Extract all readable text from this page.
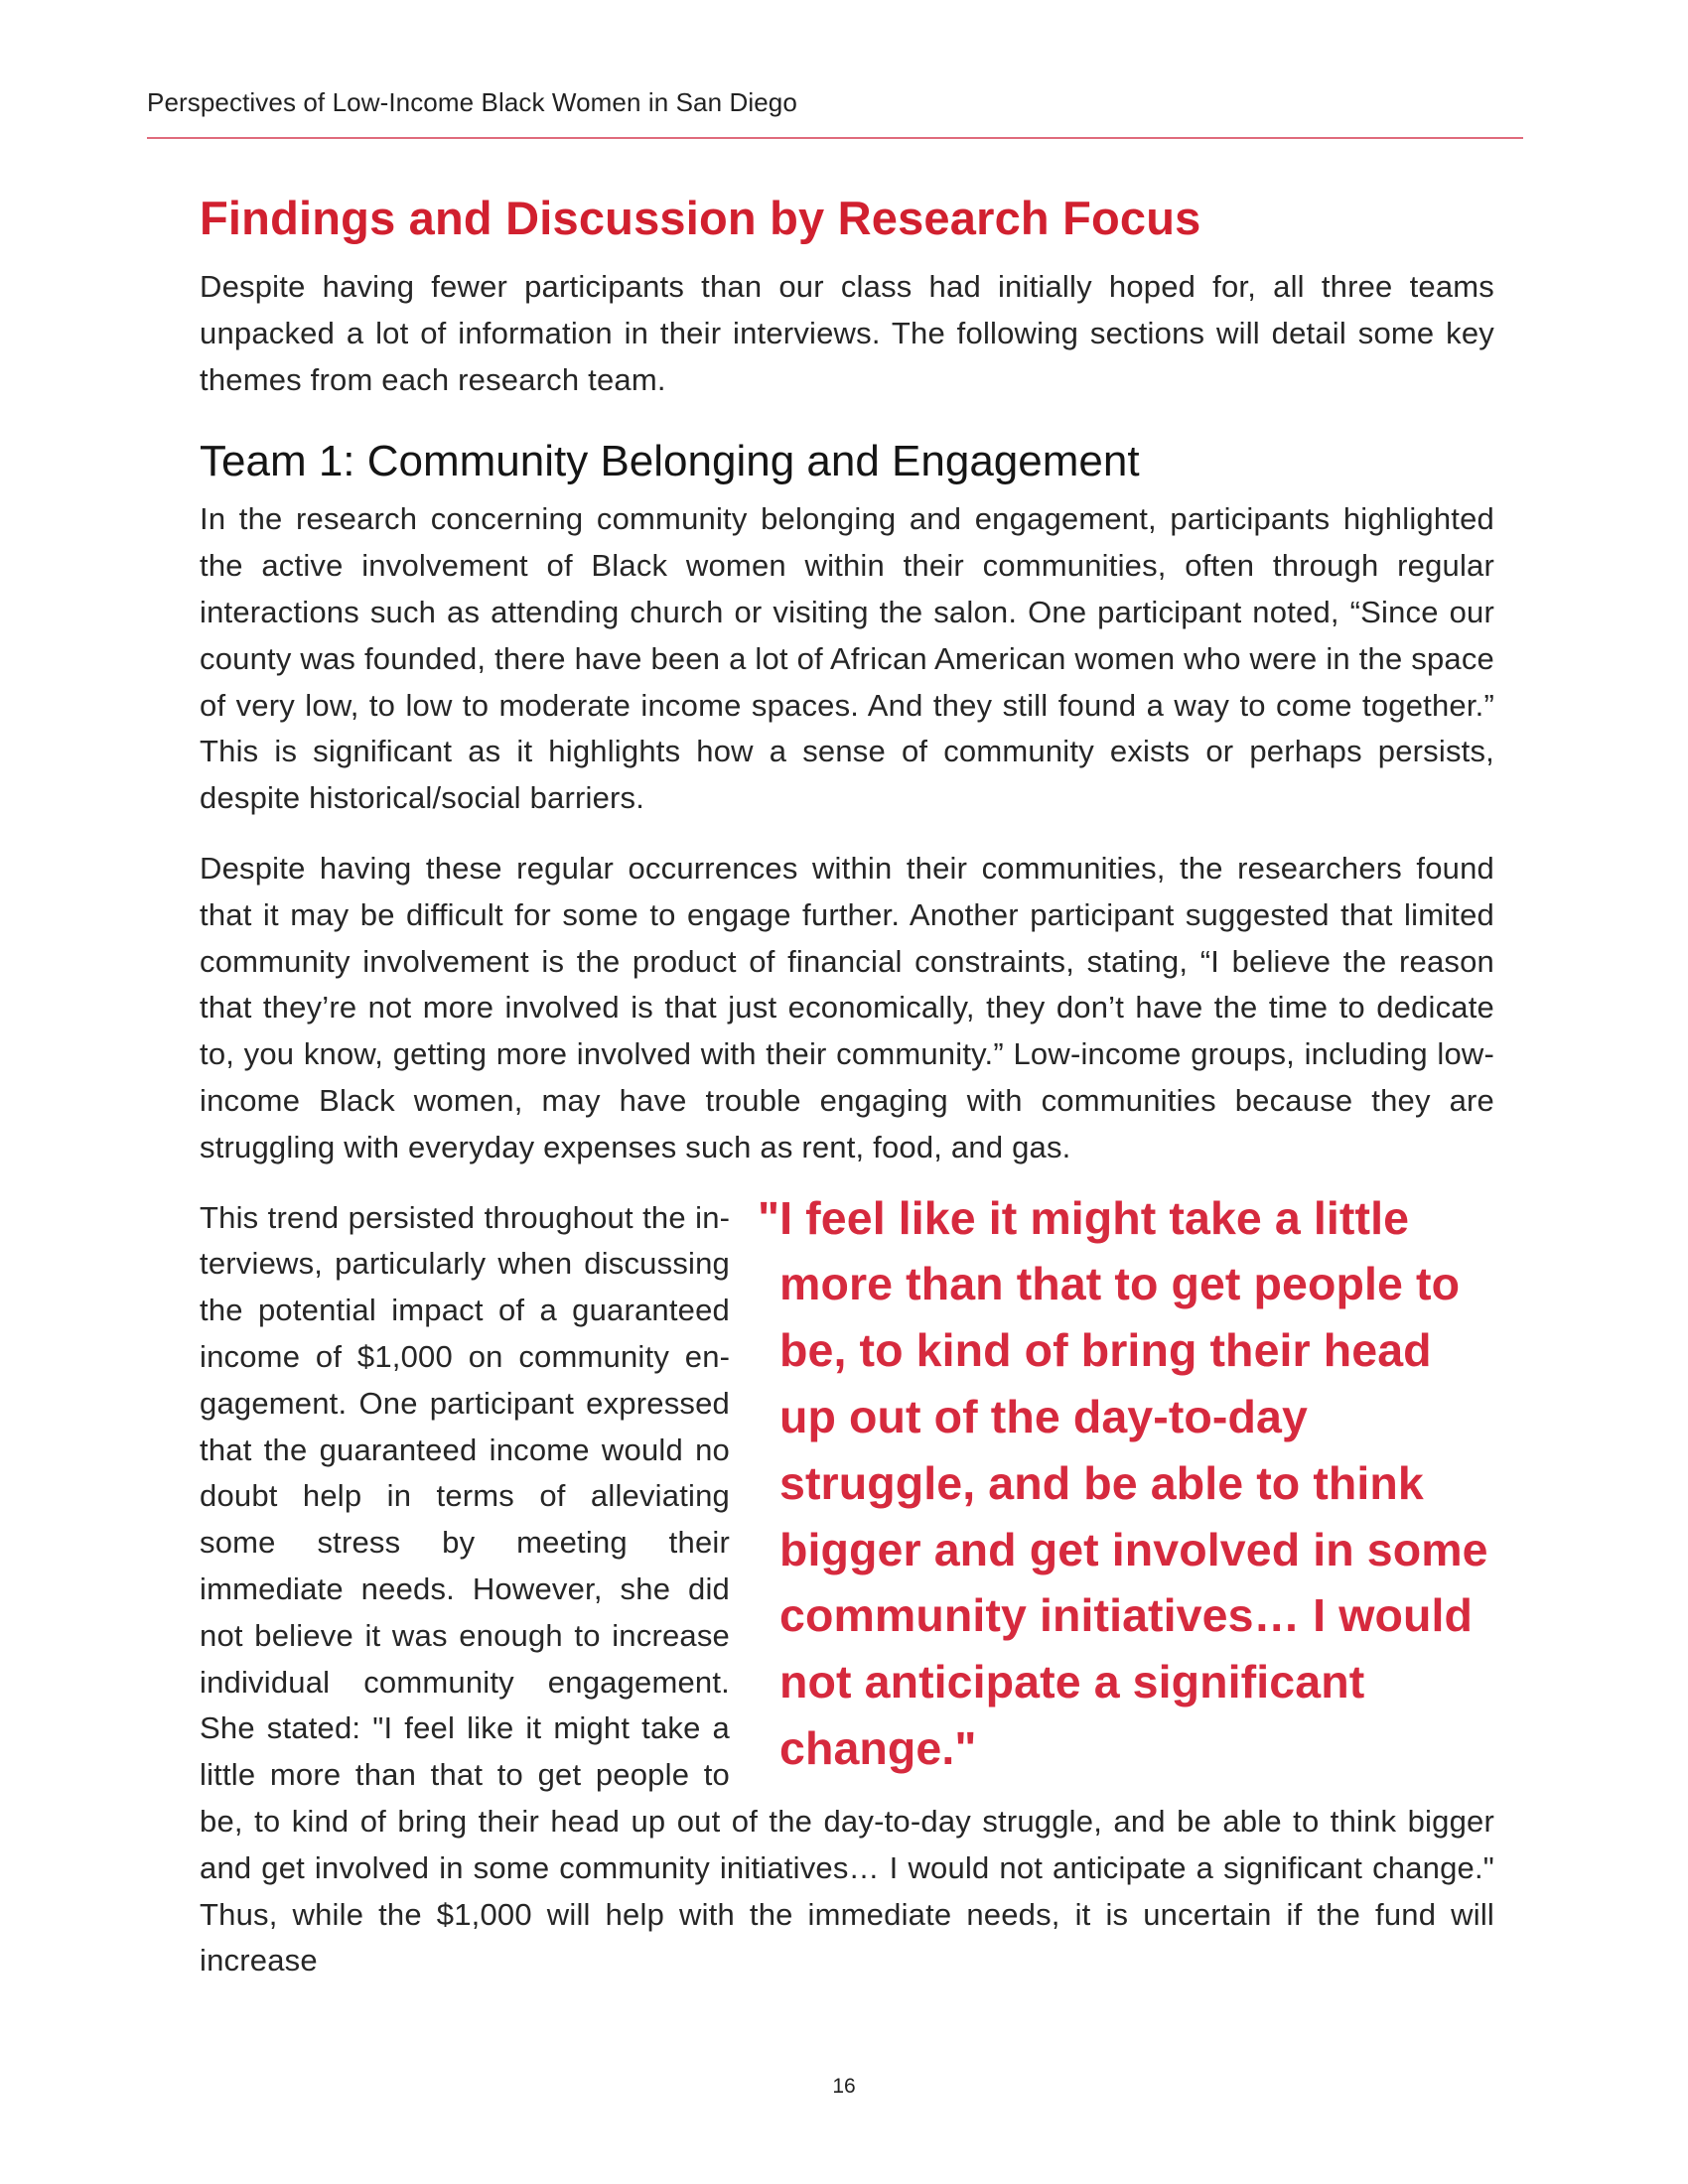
Perspectives of Low-Income Black Women in San Diego
Findings and Discussion by Research Focus

Despite having fewer participants than our class had initially hoped for, all three teams unpacked a lot of information in their interviews. The following sections will detail some key themes from each research team.

Team 1: Community Belonging and Engagement

In the research concerning community belonging and engagement, participants highlighted the active involvement of Black women within their communities, often through regular interactions such as attending church or visiting the salon. One participant noted, “Since our county was founded, there have been a lot of African American women who were in the space of very low, to low to moderate income spaces. And they still found a way to come together.” This is significant as it highlights how a sense of community exists or perhaps persists, despite historical/social barriers.

Despite having these regular occurrences within their communities, the researchers found that it may be difficult for some to engage further. Another participant suggested that limited community involvement is the product of financial constraints, stating, “I believe the reason that they’re not more involved is that just economically, they don’t have the time to dedicate to, you know, getting more involved with their community.” Low-income groups, including low-income Black women, may have trouble engaging with communities because they are struggling with everyday expenses such as rent, food, and gas.

"I feel like it might take a little more than that to get people to be, to kind of bring their head up out of the day-to-day struggle, and be able to think bigger and get involved in some community initiatives… I would not anticipate a significant change."

This trend persisted throughout the interviews, particularly when discussing the potential impact of a guaranteed income of $1,000 on community engagement. One participant expressed that the guaranteed income would no doubt help in terms of alleviating some stress by meeting their immediate needs. However, she did not believe it was enough to increase individual community engagement. She stated: "I feel like it might take a little more than that to get people to be, to kind of bring their head up out of the day-to-day struggle, and be able to think bigger and get involved in some community initiatives… I would not anticipate a significant change." Thus, while the $1,000 will help with the immediate needs, it is uncertain if the fund will increase

16
